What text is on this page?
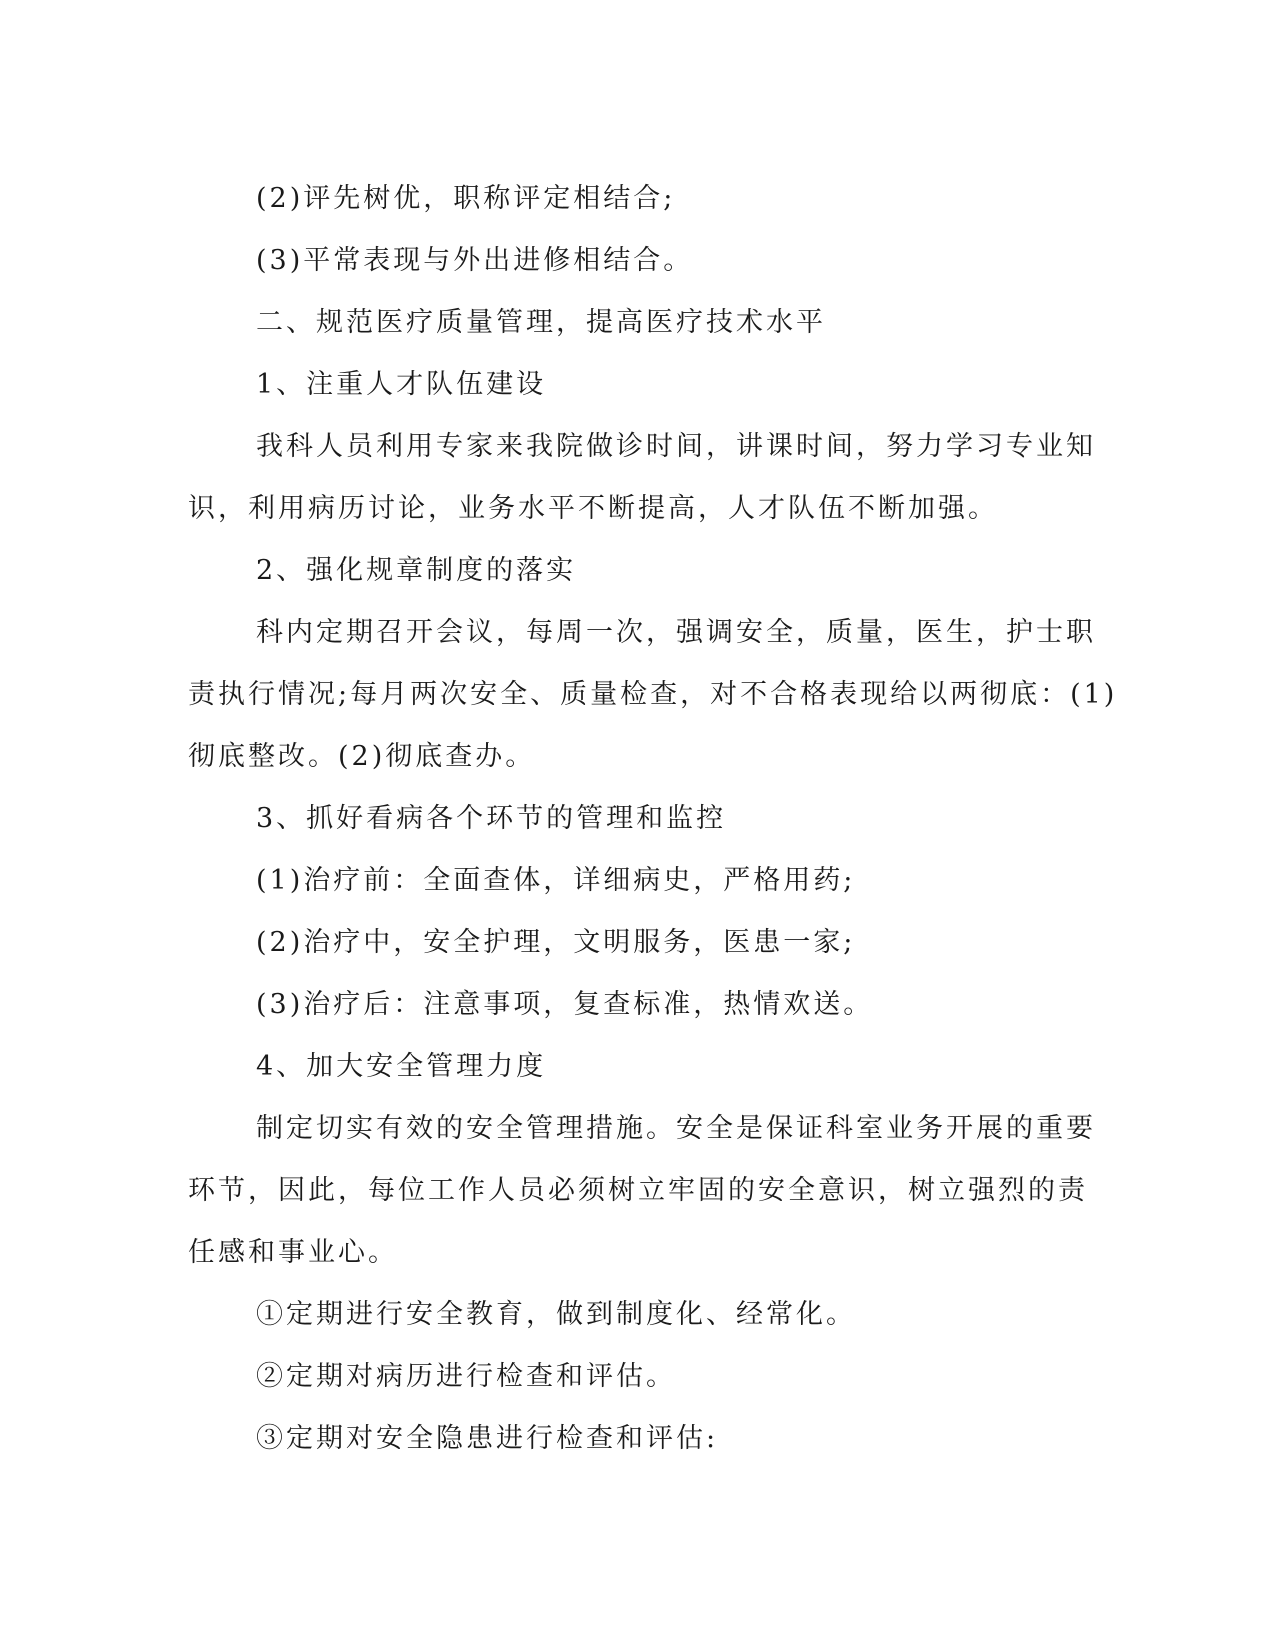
(2)评先树优，职称评定相结合;

(3)平常表现与外出进修相结合。

二、规范医疗质量管理，提高医疗技术水平

1、注重人才队伍建设

我科人员利用专家来我院做诊时间，讲课时间，努力学习专业知
识，利用病历讨论，业务水平不断提高，人才队伍不断加强。

2、强化规章制度的落实

科内定期召开会议，每周一次，强调安全，质量，医生，护士职
责执行情况;每月两次安全、质量检查，对不合格表现给以两彻底：(1)
彻底整改。(2)彻底查办。

3、抓好看病各个环节的管理和监控

(1)治疗前：全面查体，详细病史，严格用药;

(2)治疗中，安全护理，文明服务，医患一家;

(3)治疗后：注意事项，复查标准，热情欢送。

4、加大安全管理力度

制定切实有效的安全管理措施。安全是保证科室业务开展的重要
环节，因此，每位工作人员必须树立牢固的安全意识，树立强烈的责
任感和事业心。

①定期进行安全教育，做到制度化、经常化。

②定期对病历进行检查和评估。

③定期对安全隐患进行检查和评估:
